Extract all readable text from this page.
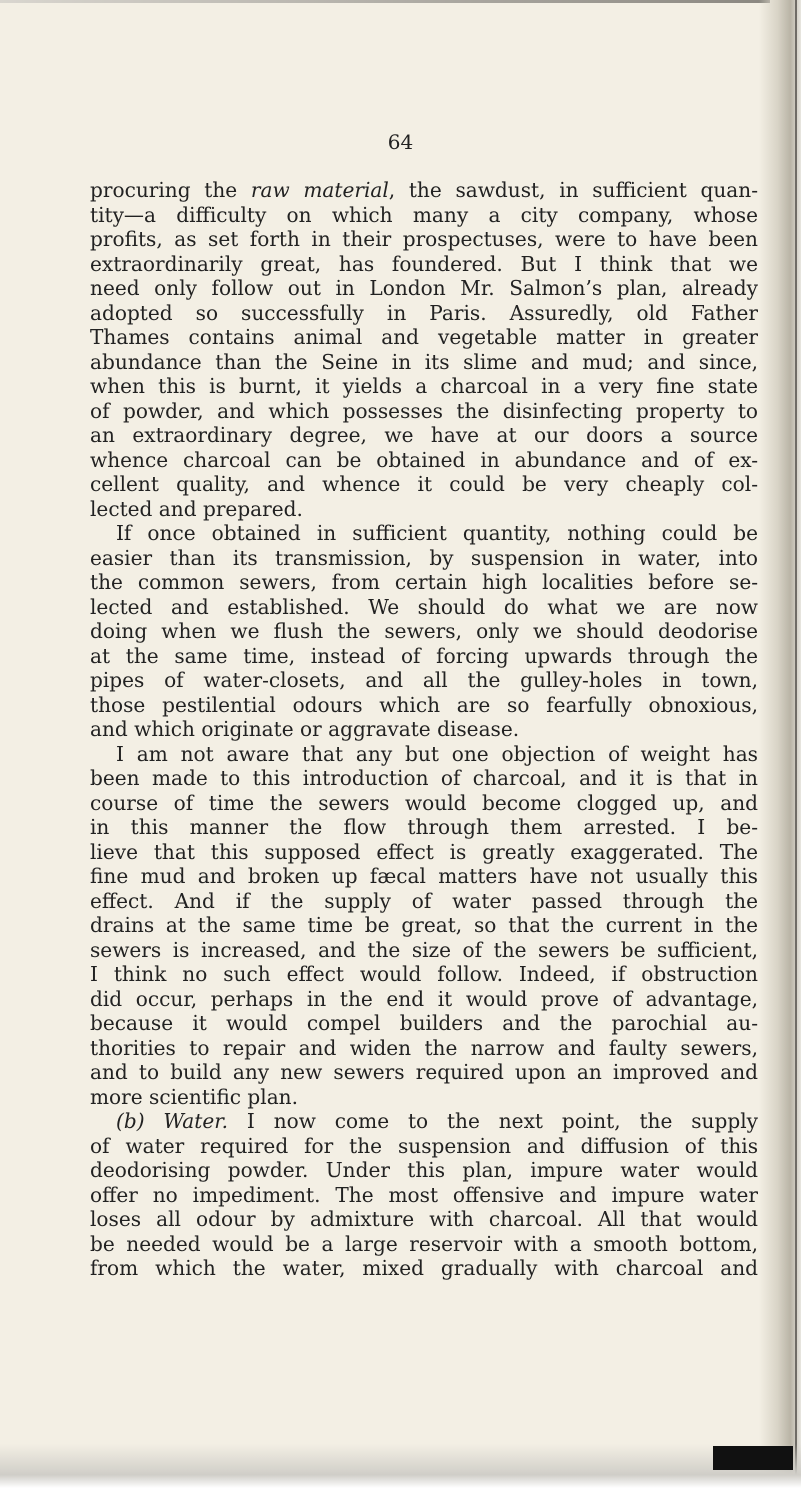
64
procuring the raw material, the sawdust, in sufficient quan-
tity—a difficulty on which many a city company, whose
profits, as set forth in their prospectuses, were to have been
extraordinarily great, has foundered. But I think that we
need only follow out in London Mr. Salmon’s plan, already
adopted so successfully in Paris. Assuredly, old Father
Thames contains animal and vegetable matter in greater
abundance than the Seine in its slime and mud; and since,
when this is burnt, it yields a charcoal in a very fine state
of powder, and which possesses the disinfecting property to
an extraordinary degree, we have at our doors a source
whence charcoal can be obtained in abundance and of ex-
cellent quality, and whence it could be very cheaply col-
lected and prepared.
If once obtained in sufficient quantity, nothing could be
easier than its transmission, by suspension in water, into
the common sewers, from certain high localities before se-
lected and established. We should do what we are now
doing when we flush the sewers, only we should deodorise
at the same time, instead of forcing upwards through the
pipes of water-closets, and all the gulley-holes in town,
those pestilential odours which are so fearfully obnoxious,
and which originate or aggravate disease.
I am not aware that any but one objection of weight has
been made to this introduction of charcoal, and it is that in
course of time the sewers would become clogged up, and
in this manner the flow through them arrested. I be-
lieve that this supposed effect is greatly exaggerated. The
fine mud and broken up fæcal matters have not usually this
effect. And if the supply of water passed through the
drains at the same time be great, so that the current in the
sewers is increased, and the size of the sewers be sufficient,
I think no such effect would follow. Indeed, if obstruction
did occur, perhaps in the end it would prove of advantage,
because it would compel builders and the parochial au-
thorities to repair and widen the narrow and faulty sewers,
and to build any new sewers required upon an improved and
more scientific plan.
(b) Water. I now come to the next point, the supply
of water required for the suspension and diffusion of this
deodorising powder. Under this plan, impure water would
offer no impediment. The most offensive and impure water
loses all odour by admixture with charcoal. All that would
be needed would be a large reservoir with a smooth bottom,
from which the water, mixed gradually with charcoal and
